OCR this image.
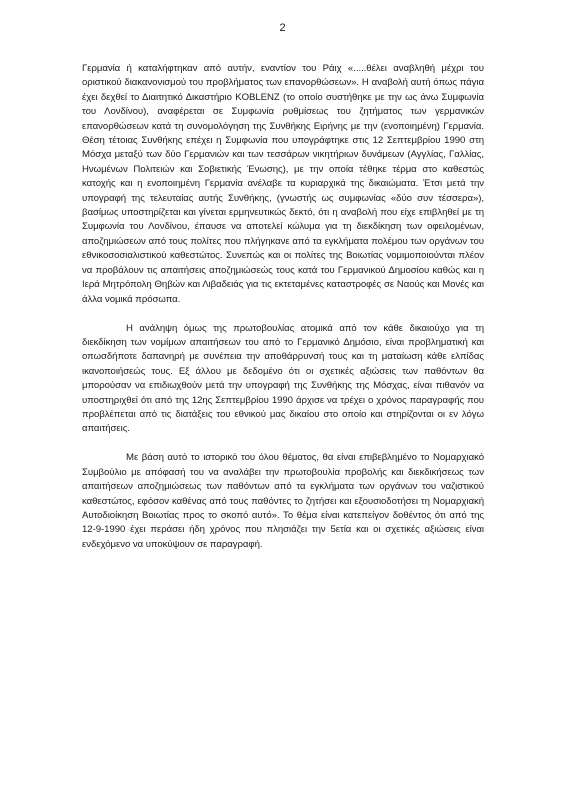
2

Γερμανία ή καταλήφτηκαν από αυτήν, εναντίον του Ράιχ «.....θέλει αναβληθή μέχρι του οριστικού διακανονισμού του προβλήματος των επανορθώσεων». Η αναβολή αυτή όπως πάγια έχει δεχθεί το Διαιτητικό Δικαστήριο KOBLENZ (το οποίο συστήθηκε με την ως άνω Συμφωνία του Λονδίνου), αναφέρεται σε Συμφωνία ρυθμίσεως του ζητήματος των γερμανικών επανορθώσεων κατά τη συνομολόγηση της Συνθήκης Ειρήνης με την (ενοποιημένη) Γερμανία. Θέση τέτοιας Συνθήκης επέχει η Συμφωνία που υπογράφτηκε στις 12 Σεπτεμβρίου 1990 στη Μόσχα μεταξύ των δύο Γερμανιών και των τεσσάρων νικητήριων δυνάμεων (Αγγλίας, Γαλλίας, Ηνωμένων Πολιτειών και Σοβιετικής Ένωσης), με την οποία τέθηκε τέρμα στο καθεστώς κατοχής και η ενοποιημένη Γερμανία ανέλαβε τα κυριαρχικά της δικαιώματα. Έτσι μετά την υπογραφή της τελευταίας αυτής Συνθήκης, (γνωστής ως συμφωνίας «δύο συν τέσσερα»), βασίμως υποστηρίζεται και γίνεται ερμηνευτικώς δεκτό, ότι η αναβολή που είχε επιβληθεί με τη Συμφωνία του Λονδίνου, έπαυσε να αποτελεί κώλυμα για τη διεκδίκηση των οφειλομένων, αποζημιώσεων από τους πολίτες που πλήγηκανε από τα εγκλήματα πολέμου των οργάνων του εθνικοσοσιαλιστικού καθεστώτος. Συνεπώς και οι πολίτες της Βοιωτίας νομιμοποιούνται πλέον να προβάλουν τις απαιτήσεις αποζημιώσεώς τους κατά του Γερμανικού Δημοσίου καθώς και η Ιερά Μητρόπολη Θηβών και Λιβαδειάς για τις εκτεταμένες καταστροφές σε Ναούς και Μονές και άλλα νομικά πρόσωπα.

Η ανάληψη όμως της πρωτοβουλίας ατομικά από τον κάθε δικαιούχο για τη διεκδίκηση των νομίμων απαιτήσεων του από το Γερμανικό Δημόσιο, είναι προβληματική και οπωσδήποτε δαπανηρή με συνέπεια την αποθάρρυνσή τους και τη ματαίωση κάθε ελπίδας ικανοποιήσεώς τους. Εξ άλλου με δεδομένο ότι οι σχετικές αξιώσεις των παθόντων θα μπορούσαν να επιδιωχθούν μετά την υπογραφή της Συνθήκης της Μόσχας, είναι πιθανόν να υποστηριχθεί ότι από της 12ης Σεπτεμβρίου 1990 άρχισε να τρέχει ο χρόνος παραγραφής που προβλέπεται από τις διατάξεις του εθνικού μας δικαίου στο οποίο και στηρίζονται οι εν λόγω απαιτήσεις.

Με βάση αυτό το ιστορικό του όλου θέματος, θα είναι επιβεβλημένο το Νομαρχιακό Συμβούλιο με απόφασή του να αναλάβει την πρωτοβουλία προβολής και διεκδικήσεως των απαιτήσεων αποζημιώσεως των παθόντων από τα εγκλήματα των οργάνων του ναζιστικού καθεστώτος, εφόσον καθένας από τους παθόντες το ζητήσει και εξουσιοδοτήσει τη Νομαρχιακή Αυτοδιοίκηση Βοιωτίας προς το σκοπό αυτό». Το θέμα είναι κατεπείγον δοθέντος ότι από της 12-9-1990 έχει περάσει ήδη χρόνος που πλησιάζει την 5ετία και οι σχετικές αξιώσεις είναι ενδεχόμενο να υποκύψουν σε παραγραφή.
